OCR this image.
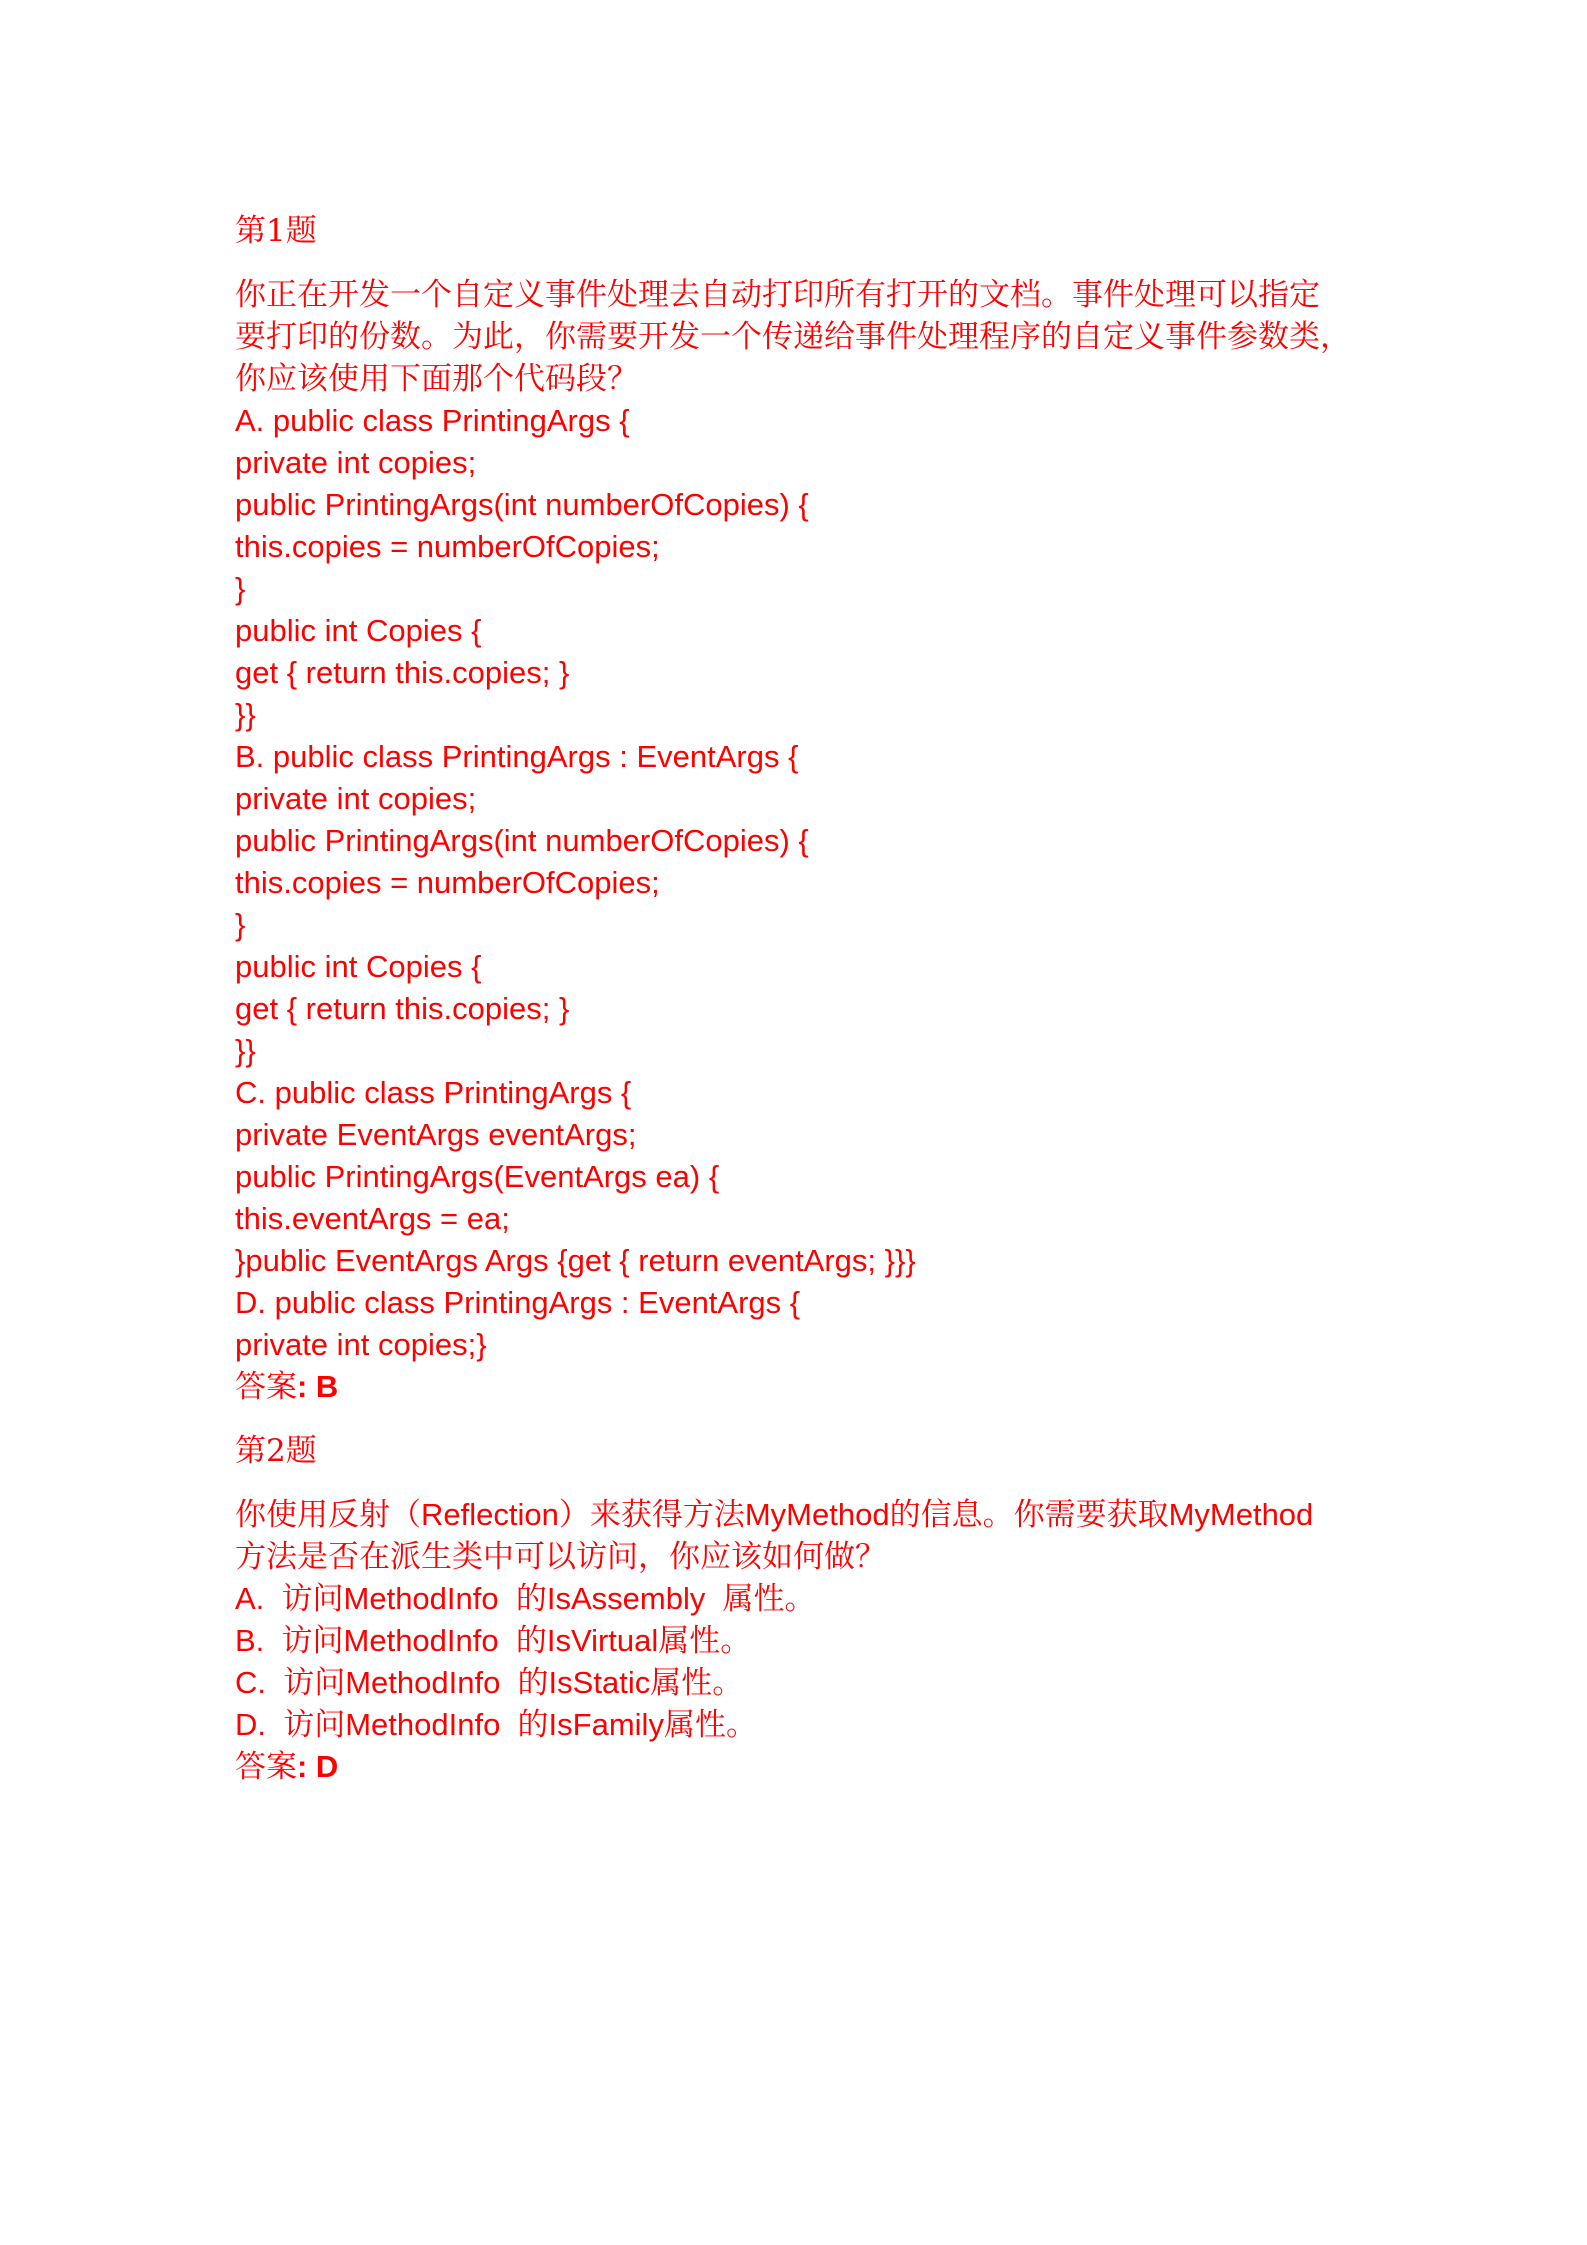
第1题
你正在开发一个自定义事件处理去自动打印所有打开的文档。事件处理可以指定
要打印的份数。为此，你需要开发一个传递给事件处理程序的自定义事件参数类，
你应该使用下面那个代码段？
A. public class PrintingArgs {
private int copies;
public PrintingArgs(int numberOfCopies) {
this.copies = numberOfCopies;
}
public int Copies {
get { return this.copies; }
}}
B. public class PrintingArgs : EventArgs {
private int copies;
public PrintingArgs(int numberOfCopies) {
this.copies = numberOfCopies;
}
public int Copies {
get { return this.copies; }
}}
C. public class PrintingArgs {
private EventArgs eventArgs;
public PrintingArgs(EventArgs ea) {
this.eventArgs = ea;
}public EventArgs Args {get { return eventArgs; }}}
D. public class PrintingArgs : EventArgs {
private int copies;}
答案: B
第2题
你使用反射（Reflection）来获得方法MyMethod的信息。你需要获取MyMethod
方法是否在派生类中可以访问，你应该如何做？
A.  访问MethodInfo  的IsAssembly  属性。
B.  访问MethodInfo  的IsVirtual属性。
C.  访问MethodInfo  的IsStatic属性。
D.  访问MethodInfo  的IsFamily属性。
答案: D
